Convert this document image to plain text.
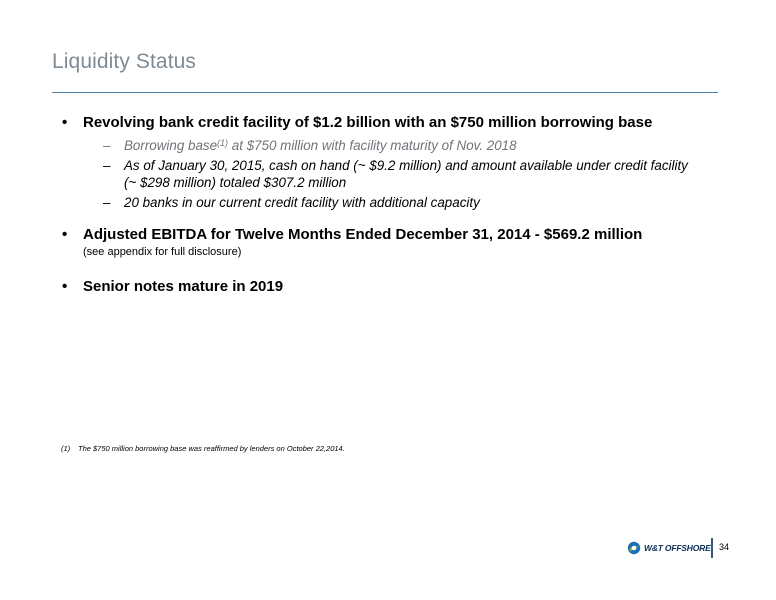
Liquidity Status
• Revolving bank credit facility of $1.2 billion with an $750 million borrowing base
– Borrowing base$^{(1)}$ at $750 million with facility maturity of Nov. 2018
– As of January 30, 2015, cash on hand (~ $9.2 million) and amount available under credit facility
(~ $298 million) totaled $307.2 million
– 20 banks in our current credit facility with additional capacity
• Adjusted EBITDA for Twelve Months Ended December 31, 2014 - $569.2 million
(see appendix for full disclosure)
• Senior notes mature in 2019
(1) The $750 million borrowing base was reaffirmed by lenders on October 22,2014.
W&T OFFSHORE 34
